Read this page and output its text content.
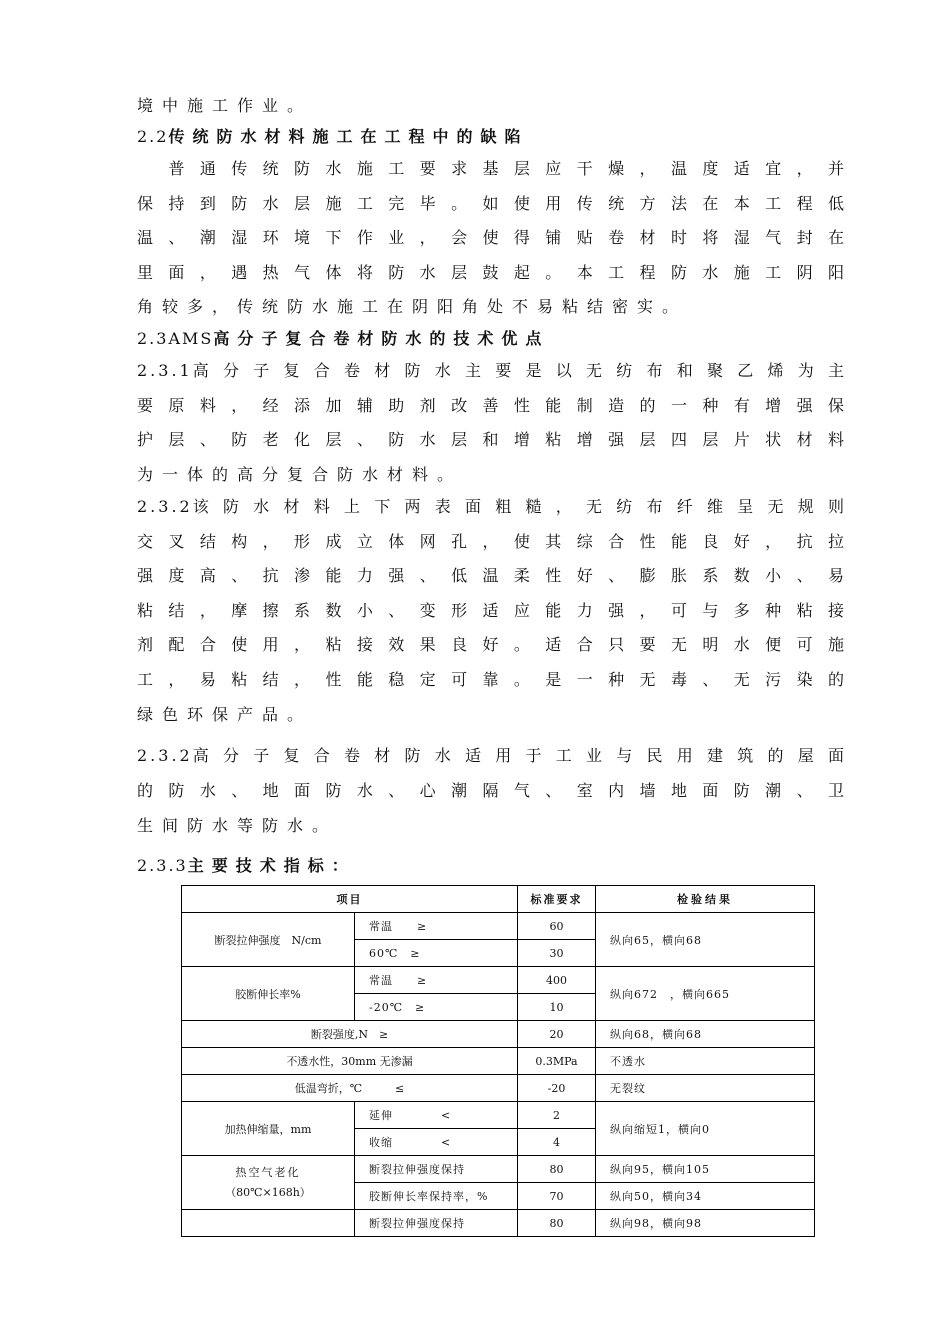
境中施工作业。
2.2传统防水材料施工在工程中的缺陷
　普通传统防水施工要求基层应干燥，温度适宜，并
保持到防水层施工完毕。如使用传统方法在本工程低
温、潮湿环境下作业，会使得铺贴卷材时将湿气封在
里面，遇热气体将防水层鼓起。本工程防水施工阴阳
角较多，传统防水施工在阴阳角处不易粘结密实。
2.3AMS高分子复合卷材防水的技术优点
2.3.1 高分子复合卷材防水主要是以无纺布和聚乙烯为主
要原料，经添加辅助剂改善性能制造的一种有增强保
护层、防老化层、防水层和增粘增强层四层片状材料
为一体的高分复合防水材料。
2.3.2 该防水材料上下两表面粗糙，无纺布纤维呈无规则
交叉结构，形成立体网孔，使其综合性能良好，抗拉
强度高、抗渗能力强、低温柔性好、膨胀系数小、易
粘结，摩擦系数小、变形适应能力强，可与多种粘接
剂配合使用，粘接效果良好。适合只要无明水便可施
工，易粘结，性能稳定可靠。是一种无毒、无污染的
绿色环保产品。
2.3.2 高分子复合卷材防水适用于工业与民用建筑的屋面
的防水、地面防水、心潮隔气、室内墙地面防潮、卫
生间防水等防水。
2.3.3主要技术指标：
项目		标准要求	检验结果
断裂拉伸强度　N/cm	常温　　≥	60	纵向65，横向68
	60℃　≥	30	
胶断伸长率%	常温　　≥	400	纵向672　，横向665
	-20℃　≥	10	
断裂强度,N　≥		20	纵向68，横向68
不透水性，30mm 无渗漏		0.3MPa	不透水
低温弯折，℃　　　≤		-20	无裂纹
加热伸缩量，mm	延伸　　　　<	2	纵向缩短1，横向0
	收缩　　　　<	4	

热空气老化
（80℃×168h）	断裂拉伸强度保持	80	纵向95，横向105
	胶断伸长率保持率，%	70	纵向50，横向34
	断裂拉伸强度保持	80	纵向98，横向98
